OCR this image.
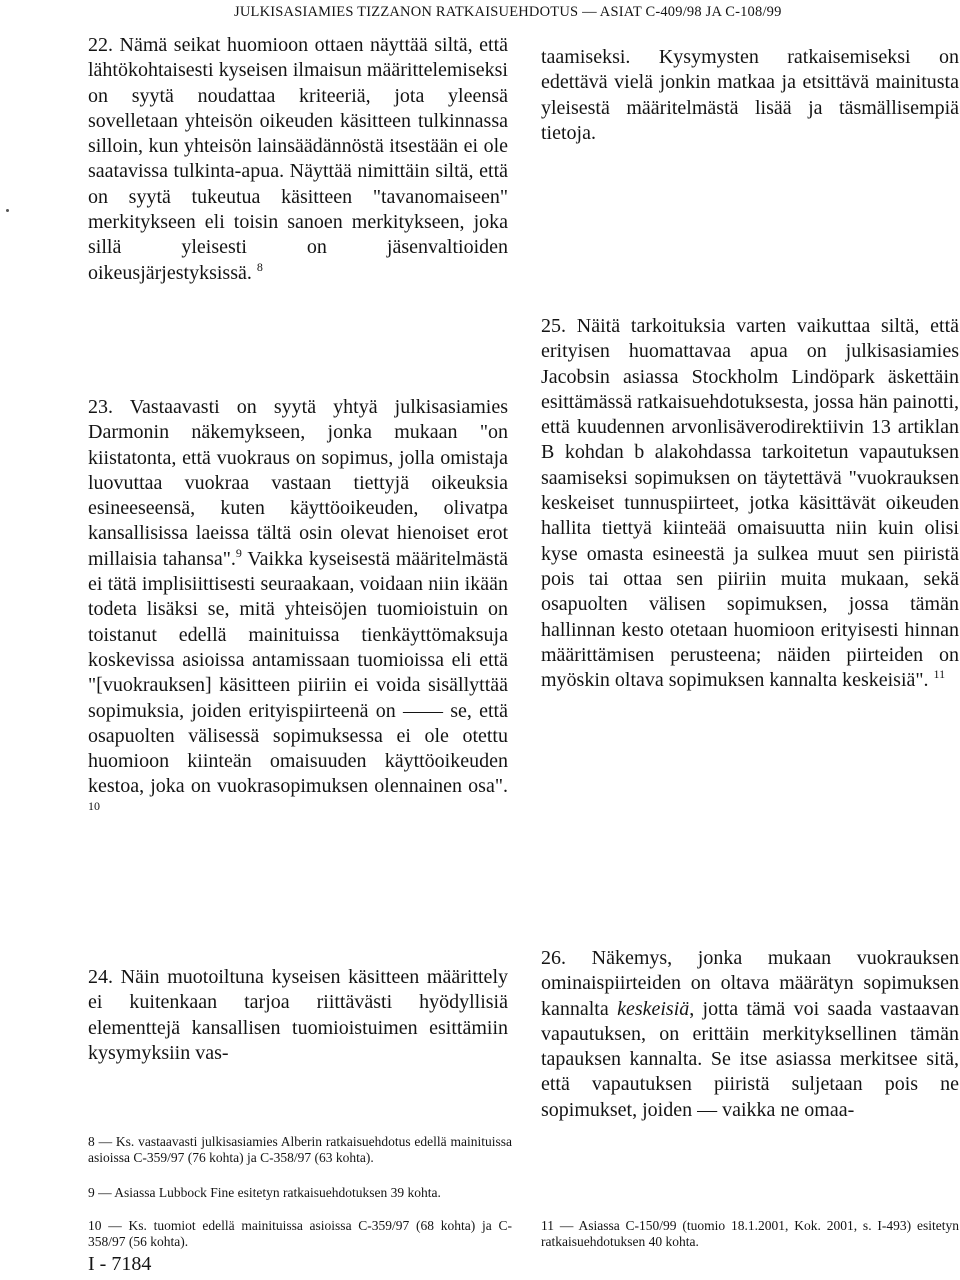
JULKISASIAMIES TIZZANON RATKAISUEHDOTUS — ASIAT C-409/98 JA C-108/99

22. Nämä seikat huomioon ottaen näyttää siltä, että lähtökohtaisesti kyseisen ilmaisun määrittelemiseksi on syytä noudattaa kriteeriä, jota yleensä sovelletaan yhteisön oikeuden käsitteen tulkinnassa silloin, kun yhteisön lainsäädännöstä itsestään ei ole saatavissa tulkinta-apua. Näyttää nimittäin siltä, että on syytä tukeutua käsitteen "tavanomaiseen" merkitykseen eli toisin sanoen merkitykseen, joka sillä yleisesti on jäsenvaltioiden oikeusjärjestyksissä. $^8$

23. Vastaavasti on syytä yhtyä julkisasiamies Darmonin näkemykseen, jonka mukaan "on kiistatonta, että vuokraus on sopimus, jolla omistaja luovuttaa vuokraa vastaan tiettyjä oikeuksia esineeseensä, kuten käyttöoikeuden, olivatpa kansallisissa laeissa tältä osin olevat hienoiset erot millaisia tahansa".$^9$ Vaikka kyseisestä määritelmästä ei tätä implisiittisesti seuraakaan, voidaan niin ikään todeta lisäksi se, mitä yhteisöjen tuomioistuin on toistanut edellä mainituissa tienkäyttömaksuja koskevissa asioissa antamissaan tuomioissa eli että "[vuokrauksen] käsitteen piiriin ei voida sisällyttää sopimuksia, joiden erityispiirteenä on —— se, että osapuolten välisessä sopimuksessa ei ole otettu huomioon kiinteän omaisuuden käyttöoikeuden kestoa, joka on vuokrasopimuksen olennainen osa". $^{10}$

24. Näin muotoiltuna kyseisen käsitteen määrittely ei kuitenkaan tarjoa riittävästi hyödyllisiä elementtejä kansallisen tuomioistuimen esittämiin kysymyksiin vas-

taamiseksi. Kysymysten ratkaisemiseksi on edettävä vielä jonkin matkaa ja etsittävä mainitusta yleisestä määritelmästä lisää ja täsmällisempiä tietoja.

25. Näitä tarkoituksia varten vaikuttaa siltä, että erityisen huomattavaa apua on julkisasiamies Jacobsin asiassa Stockholm Lindöpark äskettäin esittämässä ratkaisuehdotuksesta, jossa hän painotti, että kuudennen arvonlisäverodirektiivin 13 artiklan B kohdan b alakohdassa tarkoitetun vapautuksen saamiseksi sopimuksen on täytettävä "vuokrauksen keskeiset tunnuspiirteet, jotka käsittävät oikeuden hallita tiettyä kiinteää omaisuutta niin kuin olisi kyse omasta esineestä ja sulkea muut sen piiristä pois tai ottaa sen piiriin muita mukaan, sekä osapuolten välisen sopimuksen, jossa tämän hallinnan kesto otetaan huomioon erityisesti hinnan määrittämisen perusteena; näiden piirteiden on myöskin oltava sopimuksen kannalta keskeisiä". $^{11}$

26. Näkemys, jonka mukaan vuokrauksen ominaispiirteiden on oltava määrätyn sopimuksen kannalta keskeisiä, jotta tämä voi saada vastaavan vapautuksen, on erittäin merkityksellinen tämän tapauksen kannalta. Se itse asiassa merkitsee sitä, että vapautuksen piiristä suljetaan pois ne sopimukset, joiden — vaikka ne omaa-

8 — Ks. vastaavasti julkisasiamies Alberin ratkaisuehdotus edellä mainituissa asioissa C-359/97 (76 kohta) ja C-358/97 (63 kohta).

9 — Asiassa Lubbock Fine esitetyn ratkaisuehdotuksen 39 kohta.

10 — Ks. tuomiot edellä mainituissa asioissa C-359/97 (68 kohta) ja C-358/97 (56 kohta).

11 — Asiassa C-150/99 (tuomio 18.1.2001, Kok. 2001, s. I-493) esitetyn ratkaisuehdotuksen 40 kohta.

I - 7184
